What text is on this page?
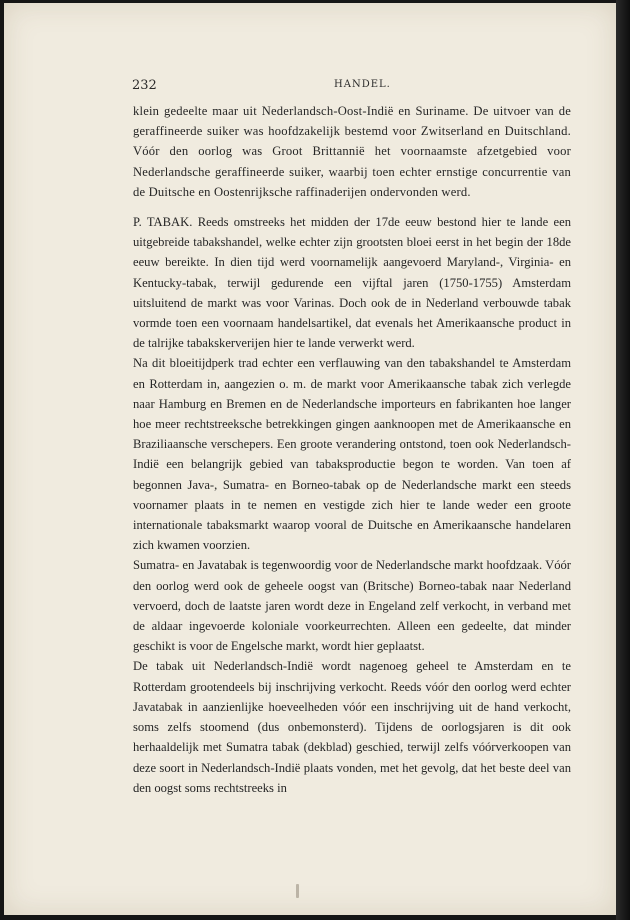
232	HANDEL.

klein gedeelte maar uit Nederlandsch-Oost-Indië en Suriname. De uitvoer van de geraffineerde suiker was hoofdzakelijk bestemd voor Zwitserland en Duitschland. Vóór den oorlog was Groot Brittannië het voornaamste afzetgebied voor Nederlandsche geraffineerde suiker, waarbij toen echter ernstige concurrentie van de Duitsche en Oostenrijksche raffinaderijen ondervonden werd.

P. TABAK. Reeds omstreeks het midden der 17de eeuw bestond hier te lande een uitgebreide tabakshandel, welke echter zijn grootsten bloei eerst in het begin der 18de eeuw bereikte. In dien tijd werd voornamelijk aangevoerd Maryland-, Virginia- en Kentucky-tabak, terwijl gedurende een vijftal jaren (1750-1755) Amsterdam uitsluitend de markt was voor Varinas. Doch ook de in Nederland verbouwde tabak vormde toen een voornaam handelsartikel, dat evenals het Amerikaansche product in de talrijke tabakskerverijen hier te lande verwerkt werd.

Na dit bloeitijdperk trad echter een verflauwing van den tabakshandel te Amsterdam en Rotterdam in, aangezien o. m. de markt voor Amerikaansche tabak zich verlegde naar Hamburg en Bremen en de Nederlandsche importeurs en fabrikanten hoe langer hoe meer rechtstreeksche betrekkingen gingen aanknoopen met de Amerikaansche en Braziliaansche verschepers. Een groote verandering ontstond, toen ook Nederlandsch-Indië een belangrijk gebied van tabaksproductie begon te worden. Van toen af begonnen Java-, Sumatra- en Borneo-tabak op de Nederlandsche markt een steeds voornamer plaats in te nemen en vestigde zich hier te lande weder een groote internationale tabaksmarkt waarop vooral de Duitsche en Amerikaansche handelaren zich kwamen voorzien.

Sumatra- en Javatabak is tegenwoordig voor de Nederlandsche markt hoofdzaak. Vóór den oorlog werd ook de geheele oogst van (Britsche) Borneo-tabak naar Nederland vervoerd, doch de laatste jaren wordt deze in Engeland zelf verkocht, in verband met de aldaar ingevoerde koloniale voorkeurrechten. Alleen een gedeelte, dat minder geschikt is voor de Engelsche markt, wordt hier geplaatst.

De tabak uit Nederlandsch-Indië wordt nagenoeg geheel te Amsterdam en te Rotterdam grootendeels bij inschrijving verkocht. Reeds vóór den oorlog werd echter Javatabak in aanzienlijke hoeveelheden vóór een inschrijving uit de hand verkocht, soms zelfs stoomend (dus onbemonsterd). Tijdens de oorlogsjaren is dit ook herhaaldelijk met Sumatra tabak (dekblad) geschied, terwijl zelfs vóórverkoopen van deze soort in Nederlandsch-Indië plaats vonden, met het gevolg, dat het beste deel van den oogst soms rechtstreeks in
